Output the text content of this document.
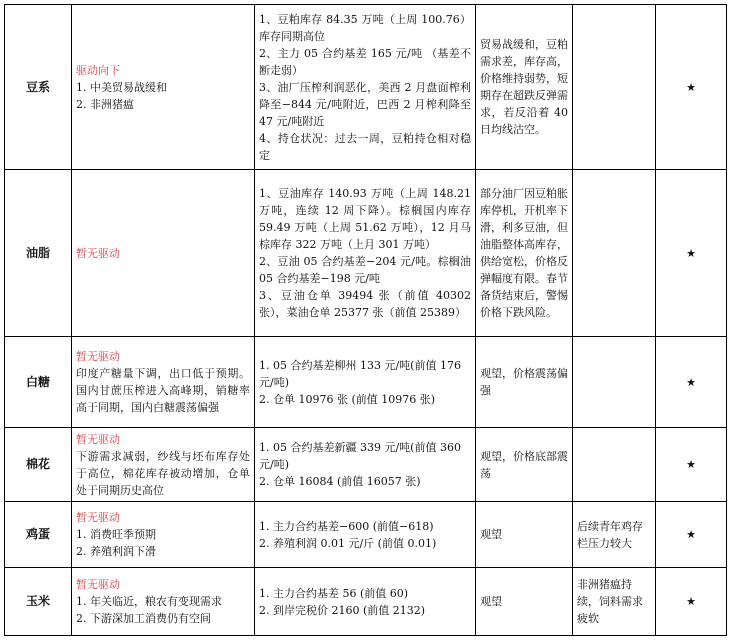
豆系	驱动向下
1. 中美贸易战缓和
2. 非洲猪瘟	1、豆粕库存 84.35 万吨（上周 100.76）库存同期高位
2、主力 05 合约基差 165 元/吨 （基差不断走弱）
3、油厂压榨利润恶化，美西 2 月盘面榨利降至−844 元/吨附近，巴西 2 月榨利降至 47 元/吨附近
4、持仓状况：过去一周，豆粕持仓相对稳定	贸易战缓和，豆粕需求差，库存高，价格维持弱势，短期存在超跌反弹需求，若反沿着 40 日均线沽空。		★
油脂	暂无驱动	1、豆油库存 140.93 万吨（上周 148.21 万吨，连续 12 周下降）。棕榈国内库存 59.49 万吨（上周 51.62 万吨），12 月马棕库存 322 万吨（上月 301 万吨）
2、豆油 05 合约基差−204 元/吨。棕榈油 05 合约基差−198 元/吨
3、豆油仓单 39494 张（前值 40302 张），菜油仓单 25377 张（前值 25389）	部分油厂因豆粕胀库停机，开机率下滑，利多豆油，但油脂整体高库存，供给宽松，价格反弹幅度有限。春节备货结束后，警惕价格下跌风险。		★
白糖	暂无驱动
印度产糖量下调，出口低于预期。国内甘蔗压榨进入高峰期，销糖率高于同期，国内白糖震荡偏强	1. 05 合约基差柳州 133 元/吨(前值 176 元/吨)
2. 仓单 10976 张 (前值 10976 张)	观望，价格震荡偏强		★
棉花	暂无驱动
下游需求减弱，纱线与坯布库存处于高位，棉花库存被动增加，仓单处于同期历史高位	1. 05 合约基差新疆 339 元/吨(前值 360 元/吨)
2. 仓单 16084 (前值 16057 张)	观望，价格底部震荡		★
鸡蛋	暂无驱动
1. 消费旺季预期
2. 养殖利润下滑	1. 主力合约基差−600 (前值−618)
2. 养殖利润 0.01 元/斤 (前值 0.01)	观望	后续青年鸡存栏压力较大	★
玉米	暂无驱动
1. 年关临近，粮农有变现需求
2. 下游深加工消费仍有空间	1. 主力合约基差 56 (前值 60)
2. 到岸完税价 2160 (前值 2132)	观望	非洲猪瘟持续，饲料需求疲软	★
